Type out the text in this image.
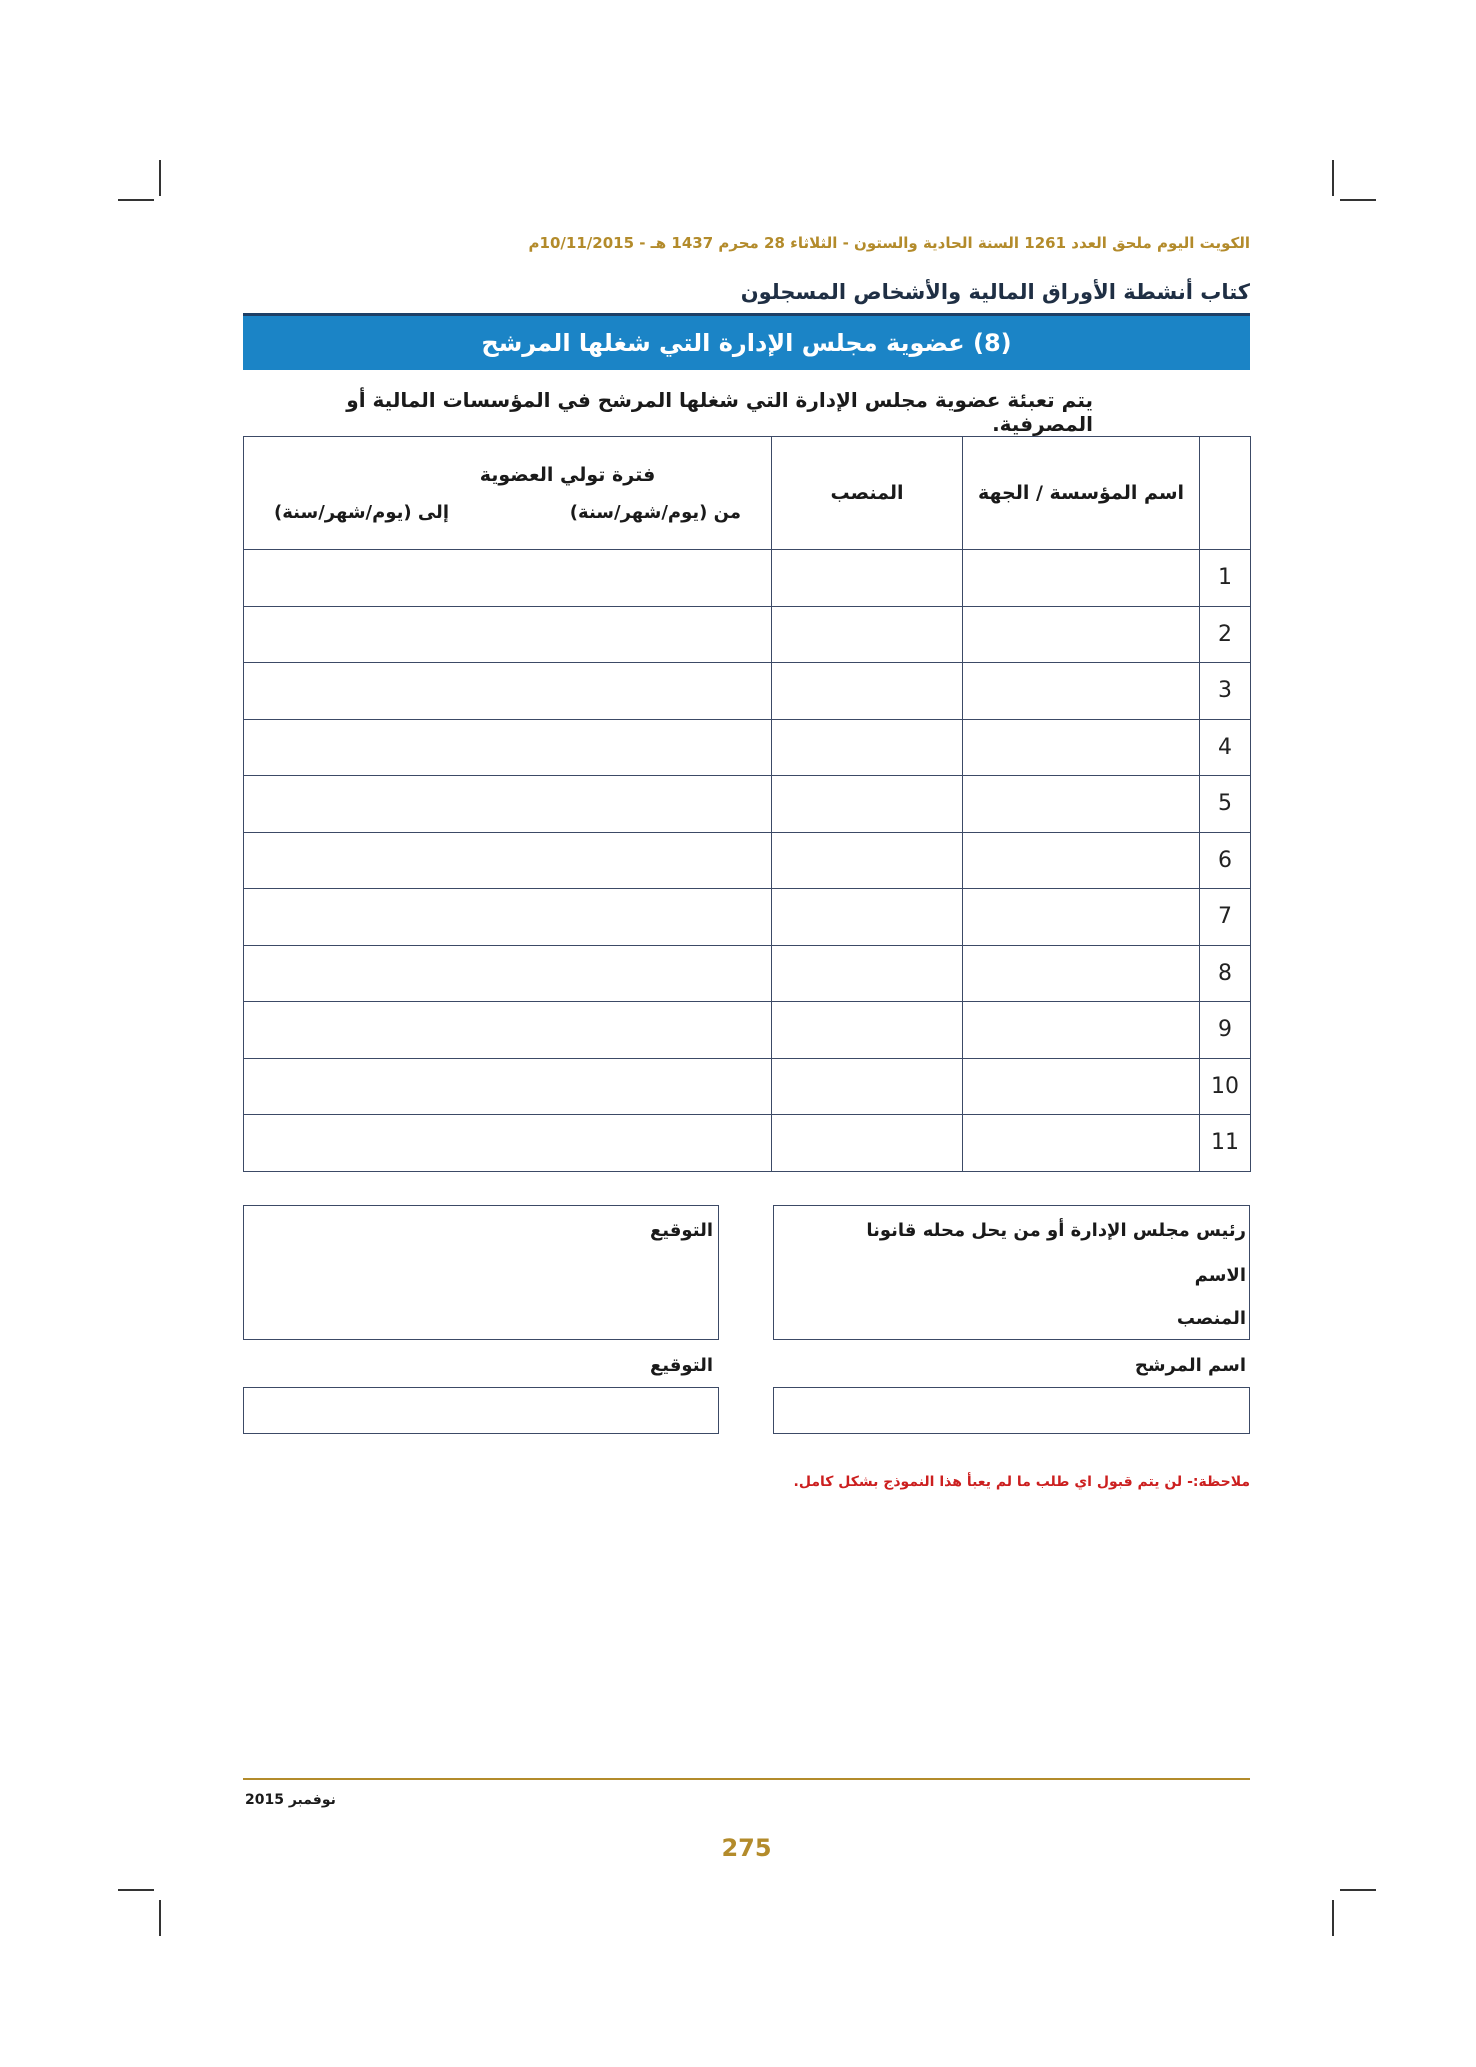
الكويت اليوم ملحق العدد 1261 السنة الحادية والستون - الثلاثاء 28 محرم 1437 هـ - 10/11/2015م
كتاب أنشطة الأوراق المالية والأشخاص المسجلون
(8) عضوية مجلس الإدارة التي شغلها المرشح
يتم تعبئة عضوية مجلس الإدارة التي شغلها المرشح في المؤسسات المالية أو المصرفية.
	اسم المؤسسة / الجهة	المنصب	فترة تولي العضوية
من (يوم/شهر/سنة)
إلى (يوم/شهر/سنة)

1			
2			
3			
4			
5			
6			
7			
8			
9			
10			
11			
رئيس مجلس الإدارة أو من يحل محله قانونا
الاسم
المنصب
التوقيع
اسم المرشح
التوقيع
ملاحظة:- لن يتم قبول اي طلب ما لم يعبأ هذا النموذج بشكل كامل.
نوفمبر 2015
275
